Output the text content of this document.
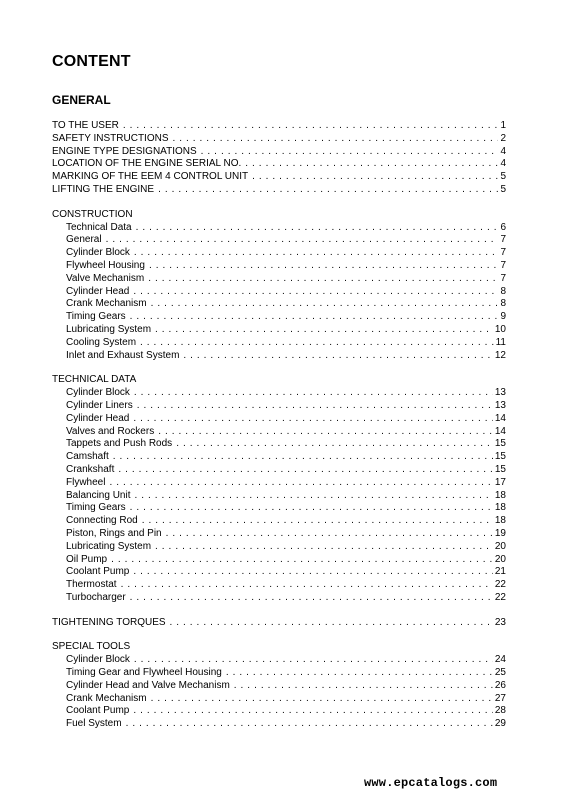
CONTENT
GENERAL
TO THE USER . . .	1
SAFETY INSTRUCTIONS . . .	2
ENGINE TYPE DESIGNATIONS . . .	4
LOCATION OF THE ENGINE SERIAL NO. . . .	4
MARKING OF THE EEM 4 CONTROL UNIT . . .	5
LIFTING THE ENGINE . . .	5
CONSTRUCTION
Technical Data . . .	6
General . . .	7
Cylinder Block . . .	7
Flywheel Housing . . .	7
Valve Mechanism . . .	7
Cylinder Head . . .	8
Crank Mechanism . . .	8
Timing Gears . . .	9
Lubricating System . . .	10
Cooling System . . .	11
Inlet and Exhaust System . . .	12
TECHNICAL DATA
Cylinder Block . . .	13
Cylinder Liners . . .	13
Cylinder Head . . .	14
Valves and Rockers . . .	14
Tappets and Push Rods . . .	15
Camshaft . . .	15
Crankshaft . . .	15
Flywheel . . .	17
Balancing Unit . . .	18
Timing Gears . . .	18
Connecting Rod . . .	18
Piston, Rings and Pin . . .	19
Lubricating System . . .	20
Oil Pump . . .	20
Coolant Pump . . .	21
Thermostat . . .	22
Turbocharger . . .	22
TIGHTENING TORQUES . . .	23
SPECIAL TOOLS
Cylinder Block . . .	24
Timing Gear and Flywheel Housing . . .	25
Cylinder Head and Valve Mechanism . . .	26
Crank Mechanism . . .	27
Coolant Pump . . .	28
Fuel System . . .	29
www.epcatalogs.com
